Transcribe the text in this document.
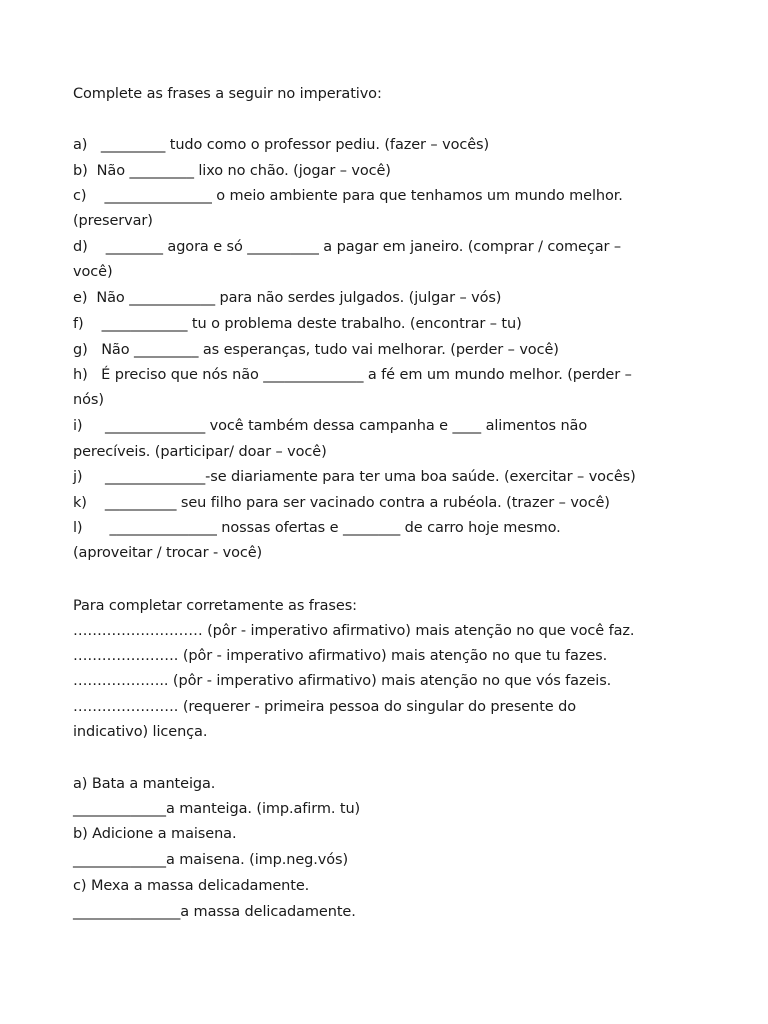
Complete as frases a seguir no imperativo:
a)   _________ tudo como o professor pediu. (fazer – vocês)
b)  Não _________ lixo no chão. (jogar – você)
c)    _______________ o meio ambiente para que tenhamos um mundo melhor.
(preservar)
d)    ________ agora e só __________ a pagar em janeiro. (comprar / começar –
você)
e)  Não ____________ para não serdes julgados. (julgar – vós)
f)    ____________ tu o problema deste trabalho. (encontrar – tu)
g)   Não _________ as esperanças, tudo vai melhorar. (perder – você)
h)   É preciso que nós não ______________ a fé em um mundo melhor. (perder –
nós)
i)     ______________ você também dessa campanha e ____ alimentos não
perecíveis. (participar/ doar – você)
j)     ______________-se diariamente para ter uma boa saúde. (exercitar – vocês)
k)    __________ seu filho para ser vacinado contra a rubéola. (trazer – você)
l)      _______________ nossas ofertas e ________ de carro hoje mesmo.
(aproveitar / trocar - você)
Para completar corretamente as frases:
……………………… (pôr - imperativo afirmativo) mais atenção no que você faz.
…………………. (pôr - imperativo afirmativo) mais atenção no que tu fazes.
……………….. (pôr - imperativo afirmativo) mais atenção no que vós fazeis.
…………………. (requerer - primeira pessoa do singular do presente do
indicativo) licença.
a) Bata a manteiga.
_____________a manteiga. (imp.afirm. tu)
b) Adicione a maisena.
_____________a maisena. (imp.neg.vós)
c) Mexa a massa delicadamente.
_______________a massa delicadamente.
